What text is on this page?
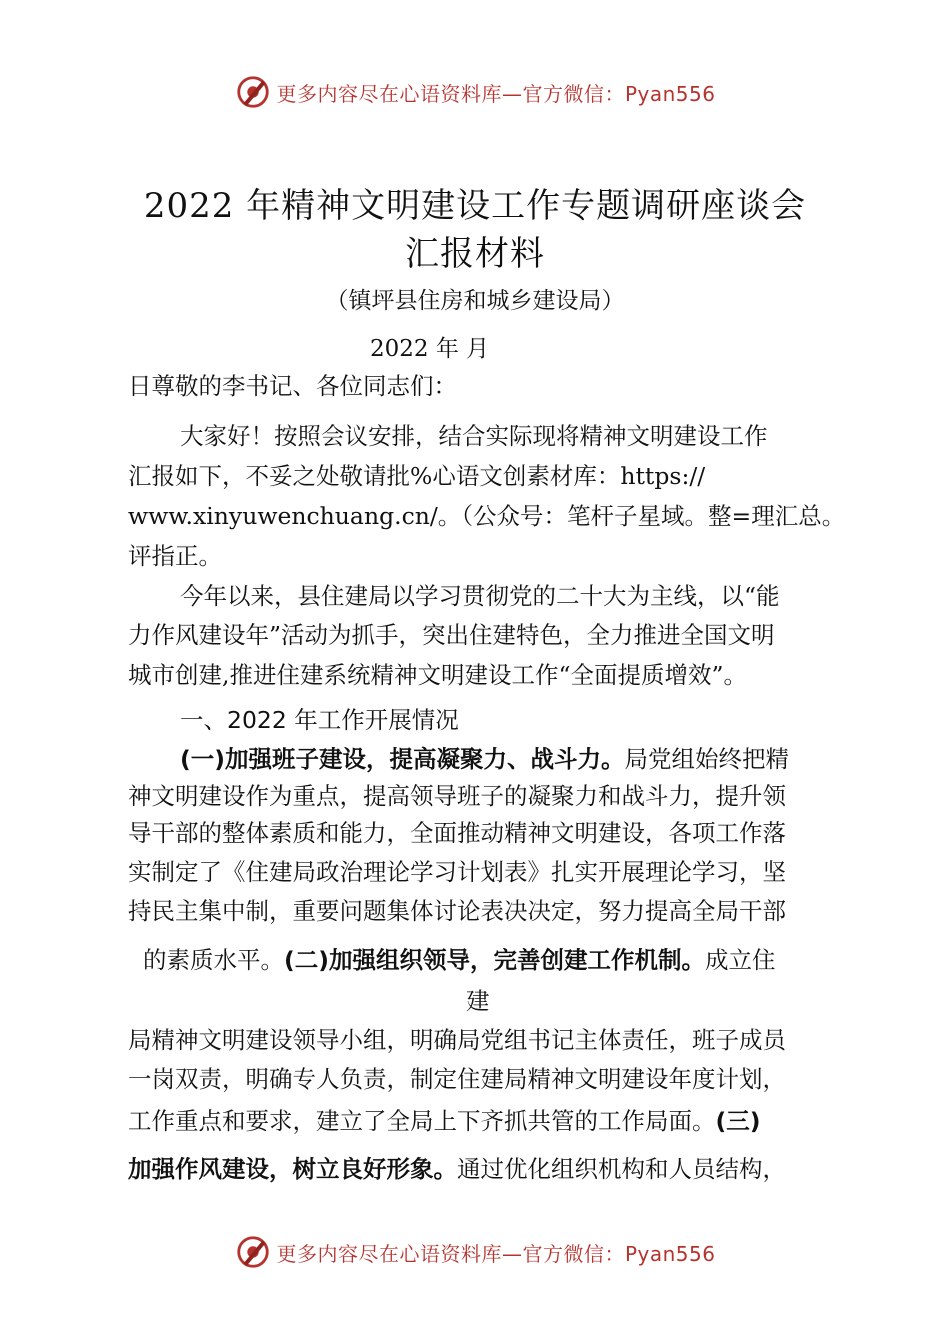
更多内容尽在心语资料库—官方微信：Pyan556
2022 年精神文明建设工作专题调研座谈会
汇报材料
（镇坪县住房和城乡建设局）
2022 年 月
日尊敬的李书记、各位同志们：
大家好！按照会议安排，结合实际现将精神文明建设工作
汇报如下，不妥之处敬请批%心语文创素材库：https://
www.xinyuwenchuang.cn/。（公众号：笔杆子星域。整=理汇总。
评指正。
今年以来，县住建局以学习贯彻党的二十大为主线，以“能
力作风建设年”活动为抓手，突出住建特色，全力推进全国文明
城市创建,推进住建系统精神文明建设工作“全面提质增效”。
一、2022 年工作开展情况
(一)加强班子建设，提高凝聚力、战斗力。局党组始终把精
神文明建设作为重点，提高领导班子的凝聚力和战斗力，提升领
导干部的整体素质和能力，全面推动精神文明建设，各项工作落
实制定了《住建局政治理论学习计划表》扎实开展理论学习，坚
持民主集中制，重要问题集体讨论表决决定，努力提高全局干部
的素质水平。(二)加强组织领导，完善创建工作机制。成立住
建
局精神文明建设领导小组，明确局党组书记主体责任，班子成员
一岗双责，明确专人负责，制定住建局精神文明建设年度计划，
工作重点和要求，建立了全局上下齐抓共管的工作局面。(三)
加强作风建设，树立良好形象。通过优化组织机构和人员结构，
更多内容尽在心语资料库—官方微信：Pyan556
